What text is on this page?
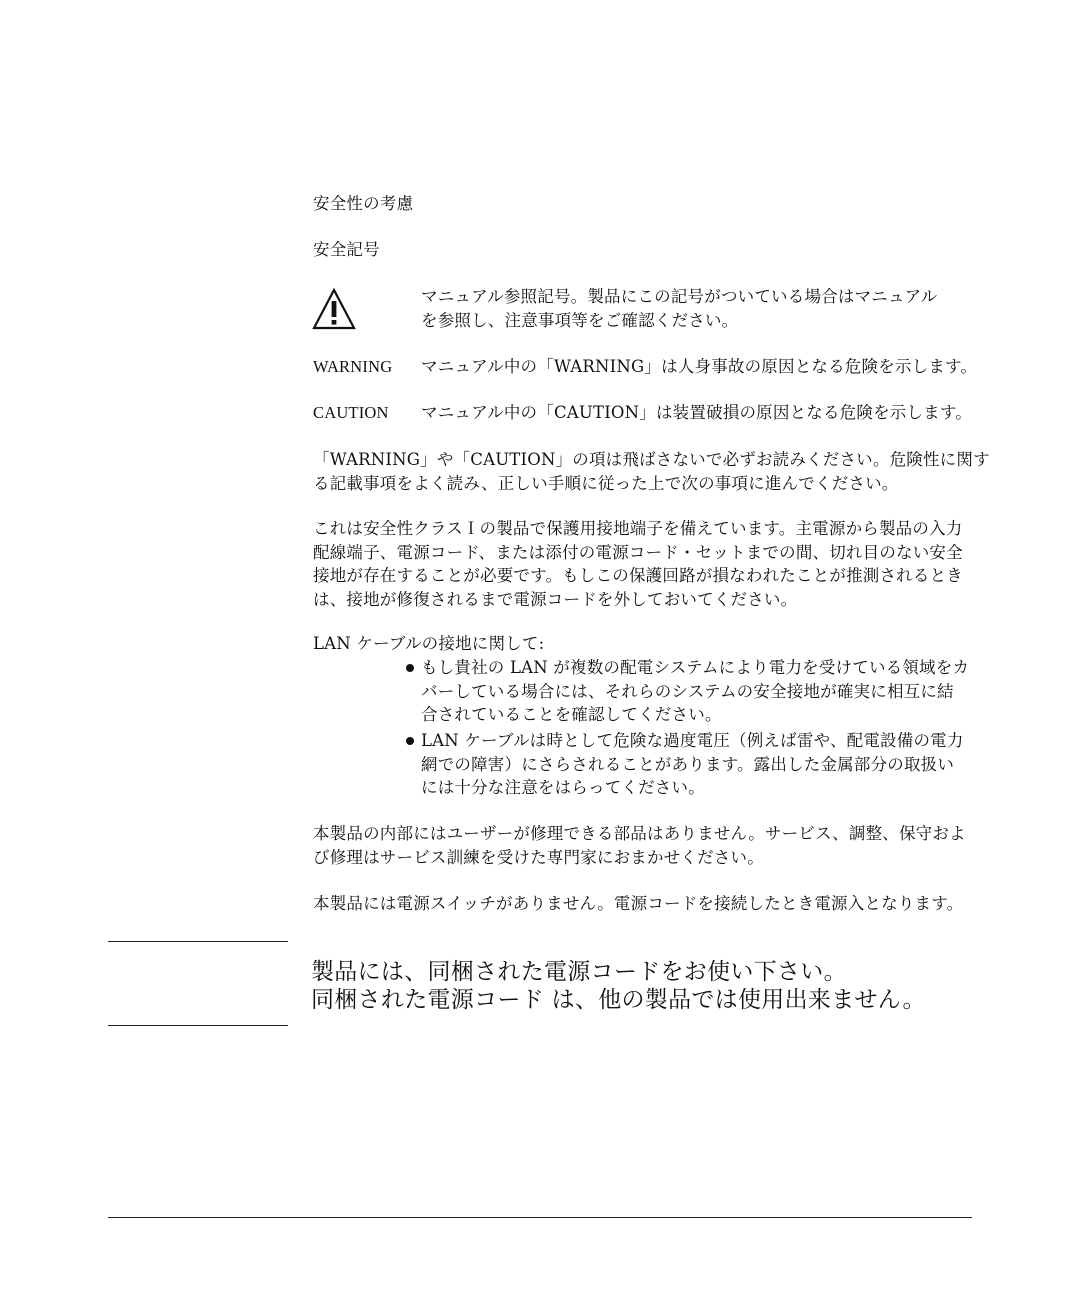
安全性の考慮
安全記号
マニュアル参照記号。製品にこの記号がついている場合はマニュアル
を参照し、注意事項等をご確認ください。
WARNING マニュアル中の「WARNING」は人身事故の原因となる危険を示します。
CAUTION マニュアル中の「CAUTION」は装置破損の原因となる危険を示します。
「WARNING」や「CAUTION」の項は飛ばさないで必ずお読みください。危険性に関す
る記載事項をよく読み、正しい手順に従った上で次の事項に進んでください。
これは安全性クラスＩの製品で保護用接地端子を備えています。主電源から製品の入力
配線端子、電源コード、または添付の電源コード・セットまでの間、切れ目のない安全
接地が存在することが必要です。もしこの保護回路が損なわれたことが推測されるとき
は、接地が修復されるまで電源コードを外しておいてください。
LAN ケーブルの接地に関して:
もし貴社の LAN が複数の配電システムにより電力を受けている領域をカ
バーしている場合には、それらのシステムの安全接地が確実に相互に結
合されていることを確認してください。
LAN ケーブルは時として危険な過度電圧（例えば雷や、配電設備の電力
網での障害）にさらされることがあります。露出した金属部分の取扱い
には十分な注意をはらってください。
本製品の内部にはユーザーが修理できる部品はありません。サービス、調整、保守およ
び修理はサービス訓練を受けた専門家におまかせください。
本製品には電源スイッチがありません。電源コードを接続したとき電源入となります。
製品には、同梱された電源コードをお使い下さい。
同梱された電源コード は、他の製品では使用出来ません。
